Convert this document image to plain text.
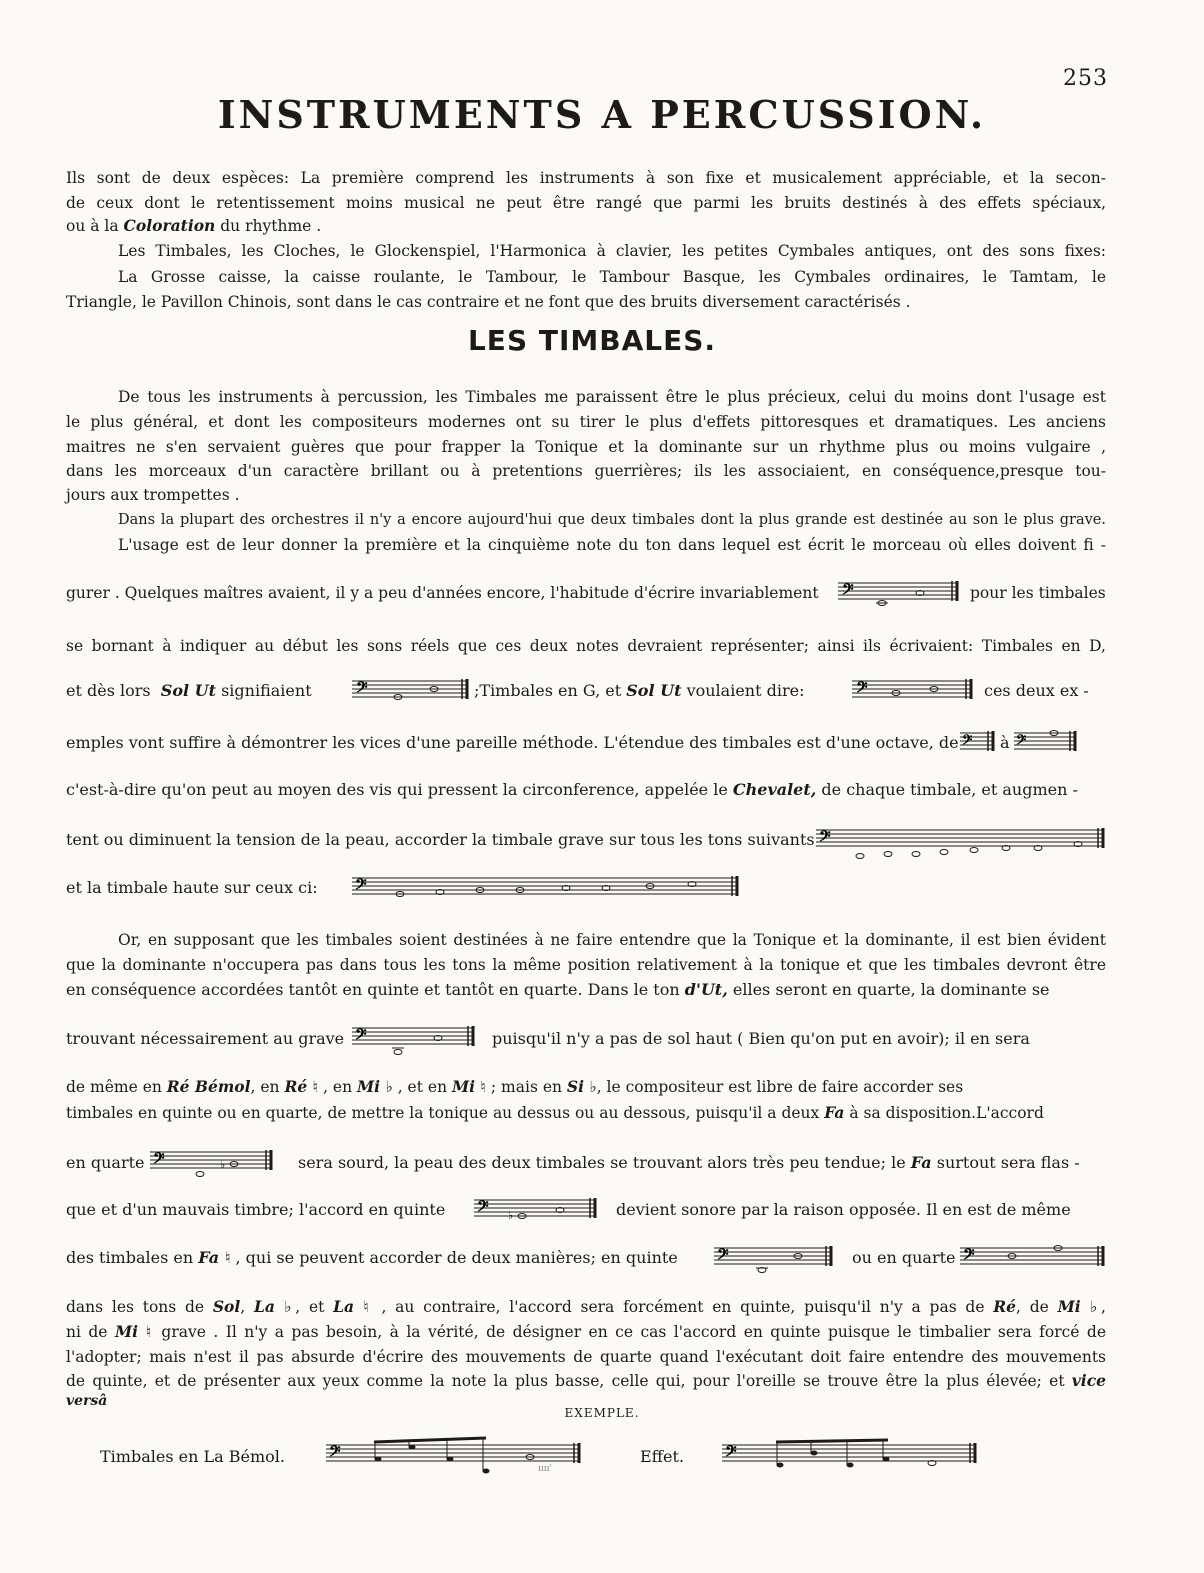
253
INSTRUMENTS A PERCUSSION.
Ils sont de deux espèces: La première comprend les instruments à son fixe et musicalement appréciable, et la secon-
de ceux dont le retentissement moins musical ne peut être rangé que parmi les bruits destinés à des effets spéciaux,
ou à la Coloration du rhythme .
Les Timbales, les Cloches, le Glockenspiel, l'Harmonica à clavier, les petites Cymbales antiques, ont des sons fixes:
La Grosse caisse, la caisse roulante, le Tambour, le Tambour Basque, les Cymbales ordinaires, le Tamtam, le
Triangle, le Pavillon Chinois, sont dans le cas contraire et ne font que des bruits diversement caractérisés .
LES TIMBALES.
De tous les instruments à percussion, les Timbales me paraissent être le plus précieux, celui du moins dont l'usage est
le plus général, et dont les compositeurs modernes ont su tirer le plus d'effets pittoresques et dramatiques. Les anciens
maitres ne s'en servaient guères que pour frapper la Tonique et la dominante sur un rhythme plus ou moins vulgaire ,
dans les morceaux d'un caractère brillant ou à pretentions guerrières; ils les associaient, en conséquence,presque tou-
jours aux trompettes .
Dans la plupart des orchestres il n'y a encore aujourd'hui que deux timbales dont la plus grande est destinée au son le plus grave.
L'usage est de leur donner la première et la cinquième note du ton dans lequel est écrit le morceau où elles doivent fi -
gurer . Quelques maîtres avaient, il y a peu d'années encore, l'habitude d'écrire invariablement 𝄢	pour les timbales
se bornant à indiquer au début les sons réels que ces deux notes devraient représenter; ainsi ils écrivaient: Timbales en D,
et dès lors Sol Ut signifiaient 𝄢	;Timbales en G, et Sol Ut voulaient dire:	𝄢	ces deux ex -
emples vont suffire à démontrer les vices d'une pareille méthode. L'étendue des timbales est d'une octave, de 𝄢 à 𝄢
c'est-à-dire qu'on peut au moyen des vis qui pressent la circonference, appelée le Chevalet, de chaque timbale, et augmen -
tent ou diminuent la tension de la peau, accorder la timbale grave sur tous les tons suivants 𝄢
et la timbale haute sur ceux ci: 𝄢
Or, en supposant que les timbales soient destinées à ne faire entendre que la Tonique et la dominante, il est bien évident
que la dominante n'occupera pas dans tous les tons la même position relativement à la tonique et que les timbales devront être
en conséquence accordées tantôt en quinte et tantôt en quarte. Dans le ton d'Ut, elles seront en quarte, la dominante se
trouvant nécessairement au grave 𝄢	puisqu'il n'y a pas de sol haut ( Bien qu'on put en avoir); il en sera
de même en Ré Bémol, en Ré ♮ , en Mi ♭ , et en Mi ♮ ; mais en Si ♭, le compositeur est libre de faire accorder ses
timbales en quinte ou en quarte, de mettre la tonique au dessus ou au dessous, puisqu'il a deux Fa à sa disposition.L'accord
en quarte 𝄢	♭	sera sourd, la peau des deux timbales se trouvant alors très peu tendue; le Fa surtout sera flas -
que et d'un mauvais timbre; l'accord en quinte 𝄢 ♭	devient sonore par la raison opposée. Il en est de même
des timbales en Fa ♮ , qui se peuvent accorder de deux manières; en quinte 𝄢	ou en quarte 𝄢
dans les tons de Sol, La ♭, et La ♮ , au contraire, l'accord sera forcément en quinte, puisqu'il n'y a pas de Ré, de Mi ♭,
ni de Mi ♮ grave . Il n'y a pas besoin, à la vérité, de désigner en ce cas l'accord en quinte puisque le timbalier sera forcé de
l'adopter; mais n'est il pas absurde d'écrire des mouvements de quarte quand l'exécutant doit faire entendre des mouvements
de quinte, et de présenter aux yeux comme la note la plus basse, celle qui, pour l'oreille se trouve être la plus élevée; et vice
versâ
EXEMPLE.
Timbales en La Bémol. 𝄢	Effet. 𝄢
ıııı'
